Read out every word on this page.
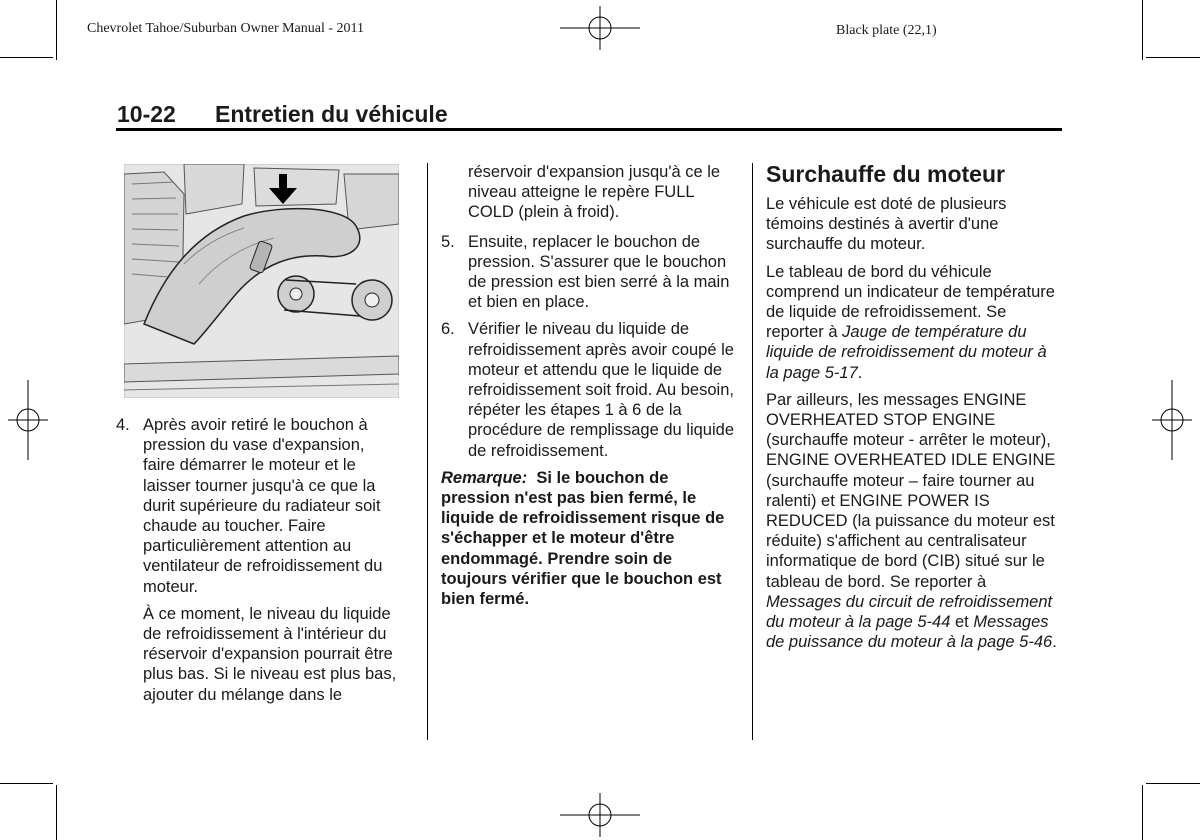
Chevrolet Tahoe/Suburban Owner Manual - 2011	Black plate (22,1)
10-22 Entretien du véhicule
4. Après avoir retiré le bouchon à pression du vase d'expansion, faire démarrer le moteur et le laisser tourner jusqu'à ce que la durit supérieure du radiateur soit chaude au toucher. Faire particulièrement attention au ventilateur de refroidissement du moteur.

À ce moment, le niveau du liquide de refroidissement à l'intérieur du réservoir d'expansion pourrait être plus bas. Si le niveau est plus bas, ajouter du mélange dans le

réservoir d'expansion jusqu'à ce le niveau atteigne le repère FULL COLD (plein à froid).

5. Ensuite, replacer le bouchon de pression. S'assurer que le bouchon de pression est bien serré à la main et bien en place.

6. Vérifier le niveau du liquide de refroidissement après avoir coupé le moteur et attendu que le liquide de refroidissement soit froid. Au besoin, répéter les étapes 1 à 6 de la procédure de remplissage du liquide de refroidissement.

Remarque: Si le bouchon de pression n'est pas bien fermé, le liquide de refroidissement risque de s'échapper et le moteur d'être endommagé. Prendre soin de toujours vérifier que le bouchon est bien fermé.

Surchauffe du moteur

Le véhicule est doté de plusieurs témoins destinés à avertir d'une surchauffe du moteur.

Le tableau de bord du véhicule comprend un indicateur de température de liquide de refroidissement. Se reporter à Jauge de température du liquide de refroidissement du moteur à la page 5-17.

Par ailleurs, les messages ENGINE OVERHEATED STOP ENGINE (surchauffe moteur - arrêter le moteur), ENGINE OVERHEATED IDLE ENGINE (surchauffe moteur – faire tourner au ralenti) et ENGINE POWER IS REDUCED (la puissance du moteur est réduite) s'affichent au centralisateur informatique de bord (CIB) situé sur le tableau de bord. Se reporter à Messages du circuit de refroidissement du moteur à la page 5-44 et Messages de puissance du moteur à la page 5-46.
